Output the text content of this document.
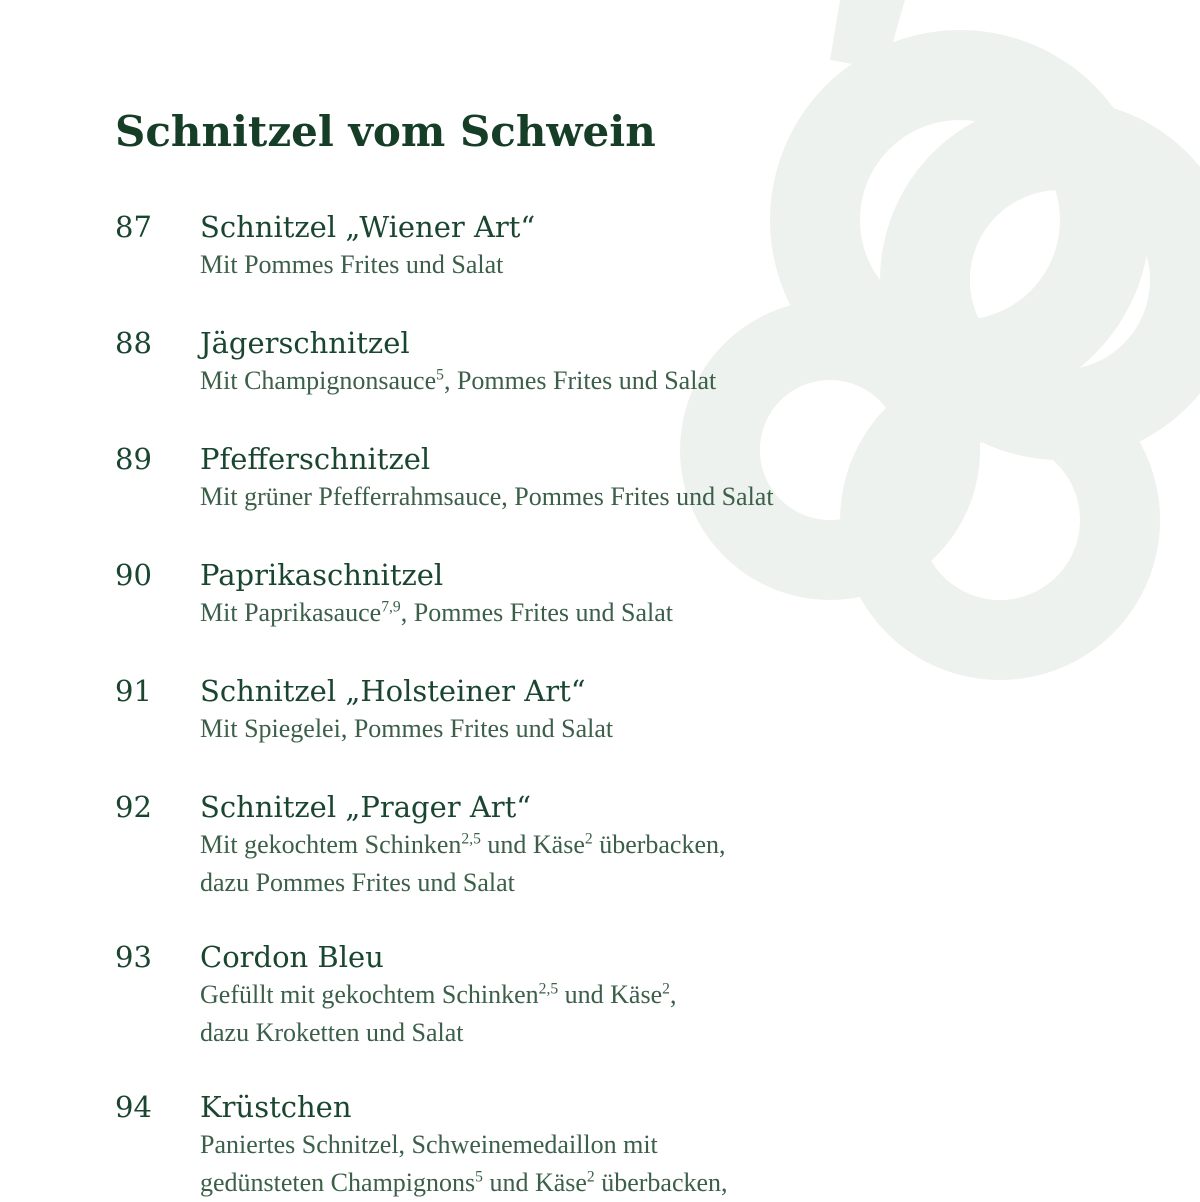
Schnitzel vom Schwein
87 Schnitzel „Wiener Art“
Mit Pommes Frites und Salat
88 Jägerschnitzel
Mit Champignonsauce$^5$, Pommes Frites und Salat
89 Pfefferschnitzel
Mit grüner Pfefferrahmsauce, Pommes Frites und Salat
90 Paprikaschnitzel
Mit Paprikasauce$^{7,9}$, Pommes Frites und Salat
91 Schnitzel „Holsteiner Art“
Mit Spiegelei, Pommes Frites und Salat
92 Schnitzel „Prager Art“
Mit gekochtem Schinken$^{2,5}$ und Käse$^2$ überbacken,
dazu Pommes Frites und Salat
93 Cordon Bleu
Gefüllt mit gekochtem Schinken$^{2,5}$ und Käse$^2$,
dazu Kroketten und Salat
94 Krüstchen
Paniertes Schnitzel, Schweinemedaillon mit
gedünsteten Champignons$^5$ und Käse$^2$ überbacken,
